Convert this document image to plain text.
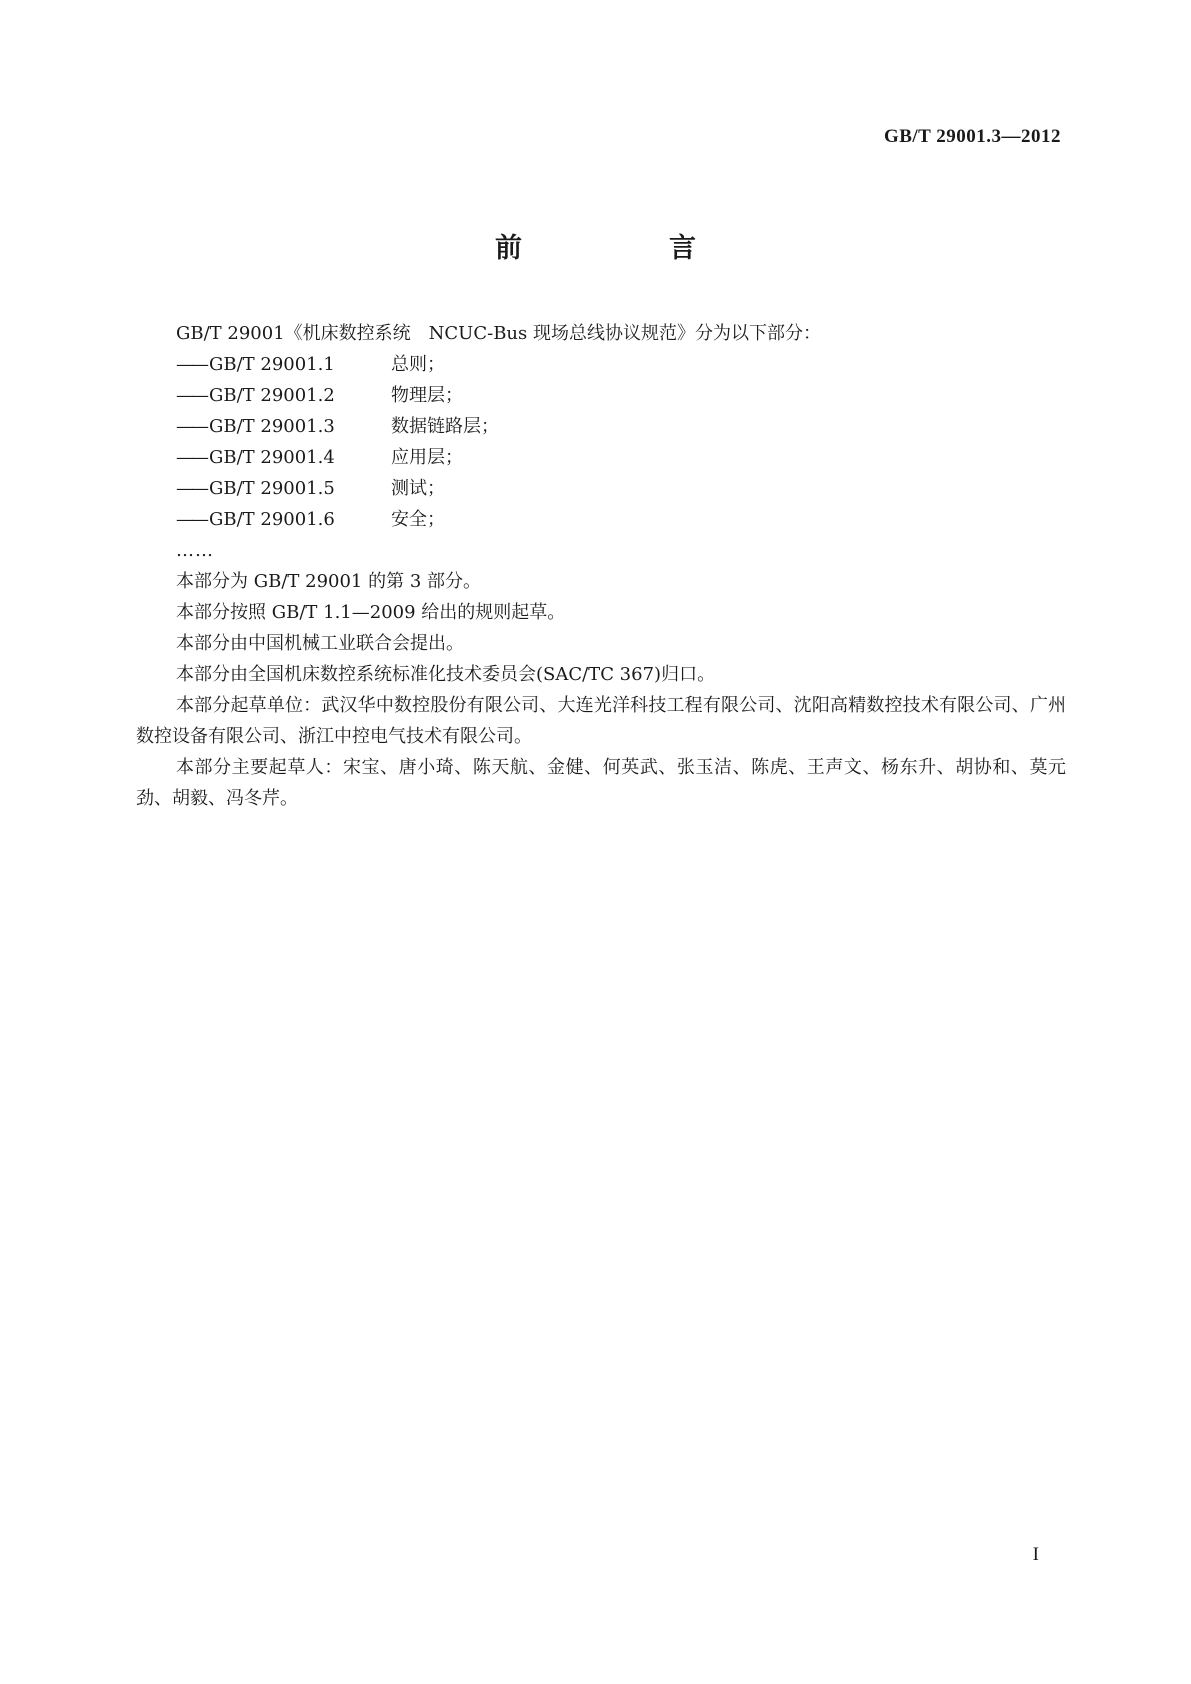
GB/T 29001.3—2012
前　言

GB/T 29001《机床数控系统　NCUC-Bus 现场总线协议规范》分为以下部分：

—— GB/T 29001.1	总则；

—— GB/T 29001.2	物理层；

—— GB/T 29001.3	数据链路层；

—— GB/T 29001.4	应用层；

—— GB/T 29001.5	测试；

—— GB/T 29001.6	安全；

……

本部分为 GB/T 29001 的第 3 部分。

本部分按照 GB/T 1.1—2009 给出的规则起草。

本部分由中国机械工业联合会提出。

本部分由全国机床数控系统标准化技术委员会(SAC/TC 367)归口。

本部分起草单位：武汉华中数控股份有限公司、大连光洋科技工程有限公司、沈阳高精数控技术有限公司、广州数控设备有限公司、浙江中控电气技术有限公司。

本部分主要起草人：宋宝、唐小琦、陈天航、金健、何英武、张玉洁、陈虎、王声文、杨东升、胡协和、莫元劲、胡毅、冯冬芹。

I
